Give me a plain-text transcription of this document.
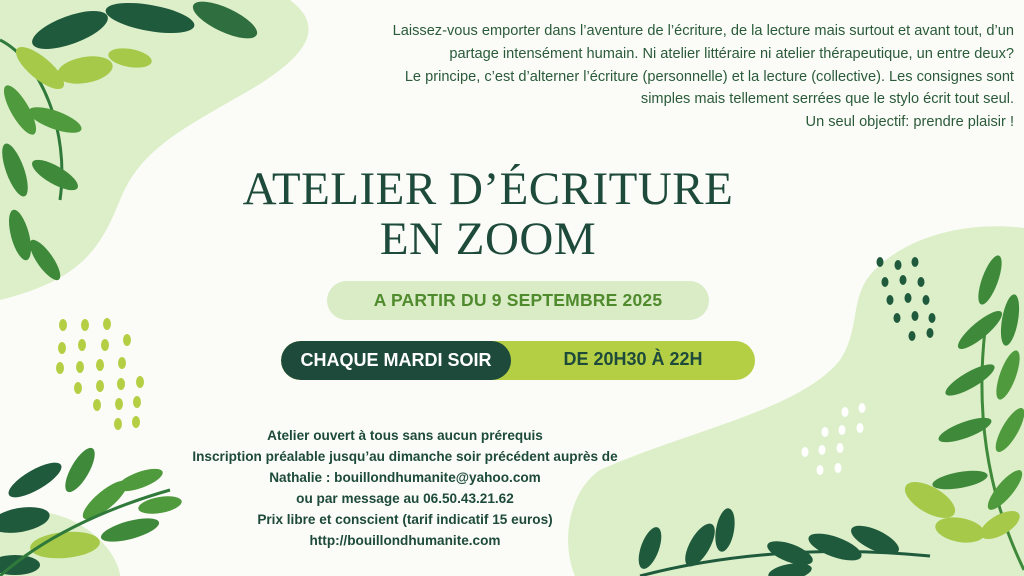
Laissez-vous emporter dans l’aventure de l’écriture, de la lecture mais surtout et avant tout, d’un

partage intensément humain. Ni atelier littéraire ni atelier thérapeutique, un entre deux?

Le principe, c’est d’alterner l’écriture (personnelle) et la lecture (collective). Les consignes sont

simples mais tellement serrées que le stylo écrit tout seul.

Un seul objectif: prendre plaisir !

ATELIER D’ÉCRITURE
EN ZOOM
A PARTIR DU 9 SEPTEMBRE 2025
CHAQUE MARDI SOIR	DE 20H30 À 22H
Atelier ouvert à tous sans aucun prérequis
Inscription préalable jusqu’au dimanche soir précédent auprès de
Nathalie : bouillondhumanite@yahoo.com
ou par message au 06.50.43.21.62
Prix libre et conscient (tarif indicatif 15 euros)
http://bouillondhumanite.com
